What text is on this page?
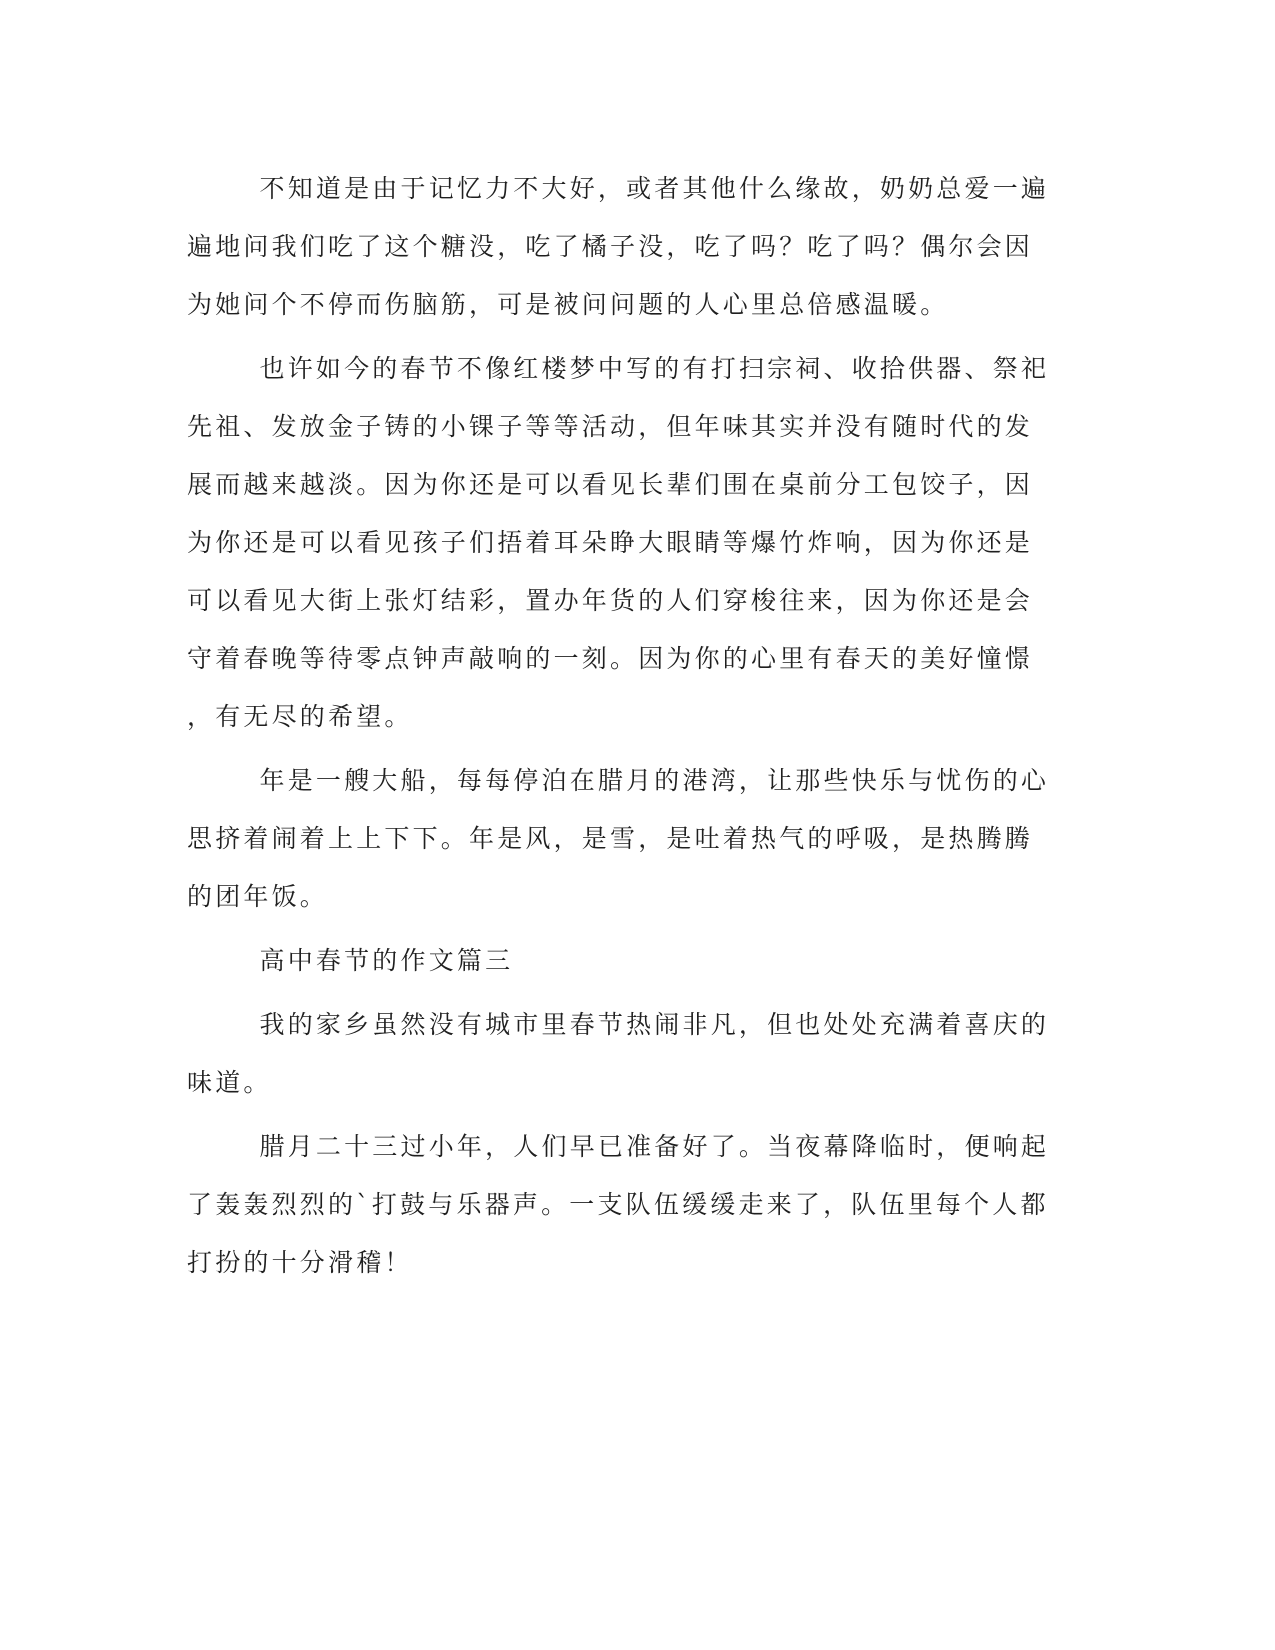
不知道是由于记忆力不大好，或者其他什么缘故，奶奶总爱一遍
遍地问我们吃了这个糖没，吃了橘子没，吃了吗？吃了吗？偶尔会因
为她问个不停而伤脑筋，可是被问问题的人心里总倍感温暖。

也许如今的春节不像红楼梦中写的有打扫宗祠、收拾供器、祭祀
先祖、发放金子铸的小锞子等等活动，但年味其实并没有随时代的发
展而越来越淡。因为你还是可以看见长辈们围在桌前分工包饺子，因
为你还是可以看见孩子们捂着耳朵睁大眼睛等爆竹炸响，因为你还是
可以看见大街上张灯结彩，置办年货的人们穿梭往来，因为你还是会
守着春晚等待零点钟声敲响的一刻。因为你的心里有春天的美好憧憬
，有无尽的希望。

年是一艘大船，每每停泊在腊月的港湾，让那些快乐与忧伤的心
思挤着闹着上上下下。年是风，是雪，是吐着热气的呼吸，是热腾腾
的团年饭。

高中春节的作文篇三

我的家乡虽然没有城市里春节热闹非凡，但也处处充满着喜庆的
味道。

腊月二十三过小年，人们早已准备好了。当夜幕降临时，便响起
了轰轰烈烈的`打鼓与乐器声。一支队伍缓缓走来了，队伍里每个人都
打扮的十分滑稽！
